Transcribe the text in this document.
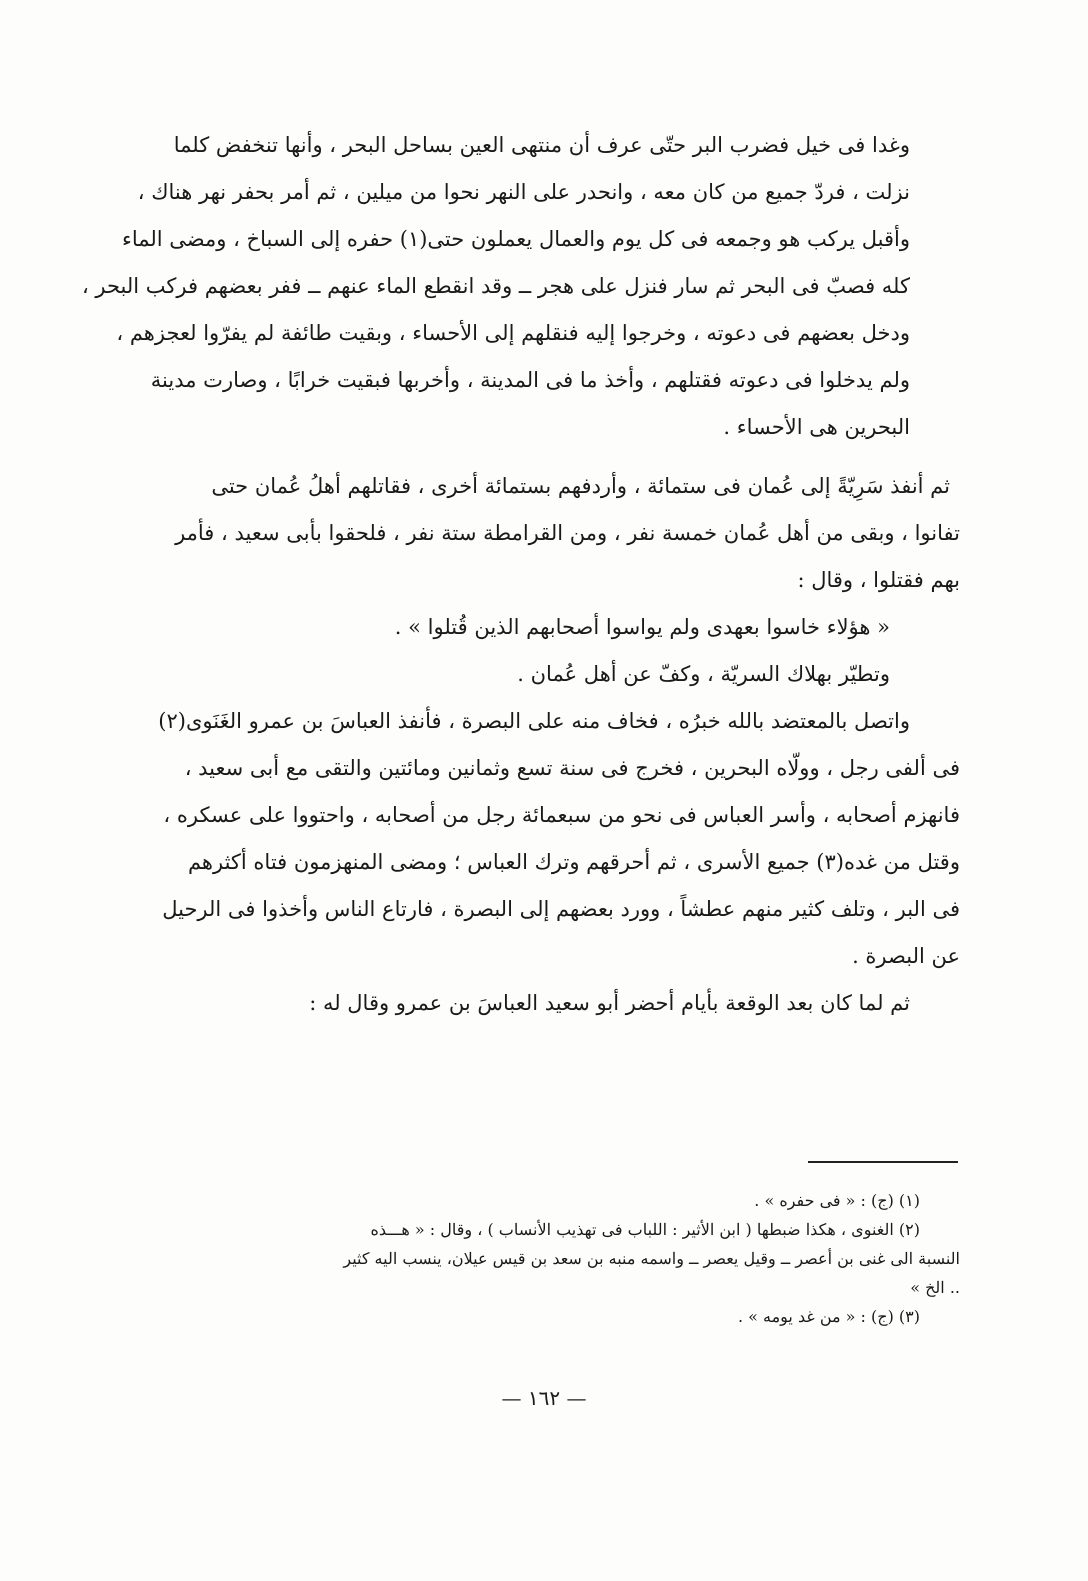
وغدا فى خيل فضرب البر حتّى عرف أن منتهى العين بساحل البحر ، وأنها تنخفض كلما
نزلت ، فردّ جميع من كان معه ، وانحدر على النهر نحوا من ميلين ، ثم أمر بحفر نهر هناك ،
وأقبل يركب هو وجمعه فى كل يوم والعمال يعملون حتى(١) حفره إلى السباخ ، ومضى الماء
كله فصبّ فى البحر ثم سار فنزل على هجر ــ وقد انقطع الماء عنهم ــ ففر بعضهم فركب البحر ،
ودخل بعضهم فى دعوته ، وخرجوا إليه فنقلهم إلى الأحساء ، وبقيت طائفة لم يفرّوا لعجزهم ،
ولم يدخلوا فى دعوته فقتلهم ، وأخذ ما فى المدينة ، وأخربها فبقيت خرابًا ، وصارت مدينة
البحرين هى الأحساء .

ثم أنفذ سَرِيّةً إلى عُمان فى ستمائة ، وأردفهم بستمائة أخرى ، فقاتلهم أهلُ عُمان حتى
تفانوا ، وبقى من أهل عُمان خمسة نفر ، ومن القرامطة ستة نفر ، فلحقوا بأبى سعيد ، فأمر
بهم فقتلوا ، وقال :

« هؤلاء خاسوا بعهدى ولم يواسوا أصحابهم الذين قُتلوا » .

وتطيّر بهلاك السريّة ، وكفّ عن أهل عُمان .

واتصل بالمعتضد بالله خبرُه ، فخاف منه على البصرة ، فأنفذ العباسَ بن عمرو الغَنَوى(٢)
فى ألفى رجل ، وولّاه البحرين ، فخرج فى سنة تسع وثمانين ومائتين والتقى مع أبى سعيد ،
فانهزم أصحابه ، وأسر العباس فى نحو من سبعمائة رجل من أصحابه ، واحتووا على عسكره ،
وقتل من غده(٣) جميع الأسرى ، ثم أحرقهم وترك العباس ؛ ومضى المنهزمون فتاه أكثرهم
فى البر ، وتلف كثير منهم عطشاً ، وورد بعضهم إلى البصرة ، فارتاع الناس وأخذوا فى الرحيل
عن البصرة .

ثم لما كان بعد الوقعة بأيام أحضر أبو سعيد العباسَ بن عمرو وقال له :

(١) (ج) : « فى حفره » .
(٢) الغنوى ، هكذا ضبطها ( ابن الأثير : اللباب فى تهذيب الأنساب ) ، وقال : « هـــذه
النسبة الى غنى بن أعصر ــ وقيل يعصر ــ واسمه منبه بن سعد بن قيس عيلان، ينسب اليه كثير
.. الخ »
(٣) (ج) : « من غد يومه » .
— ١٦٢ —
